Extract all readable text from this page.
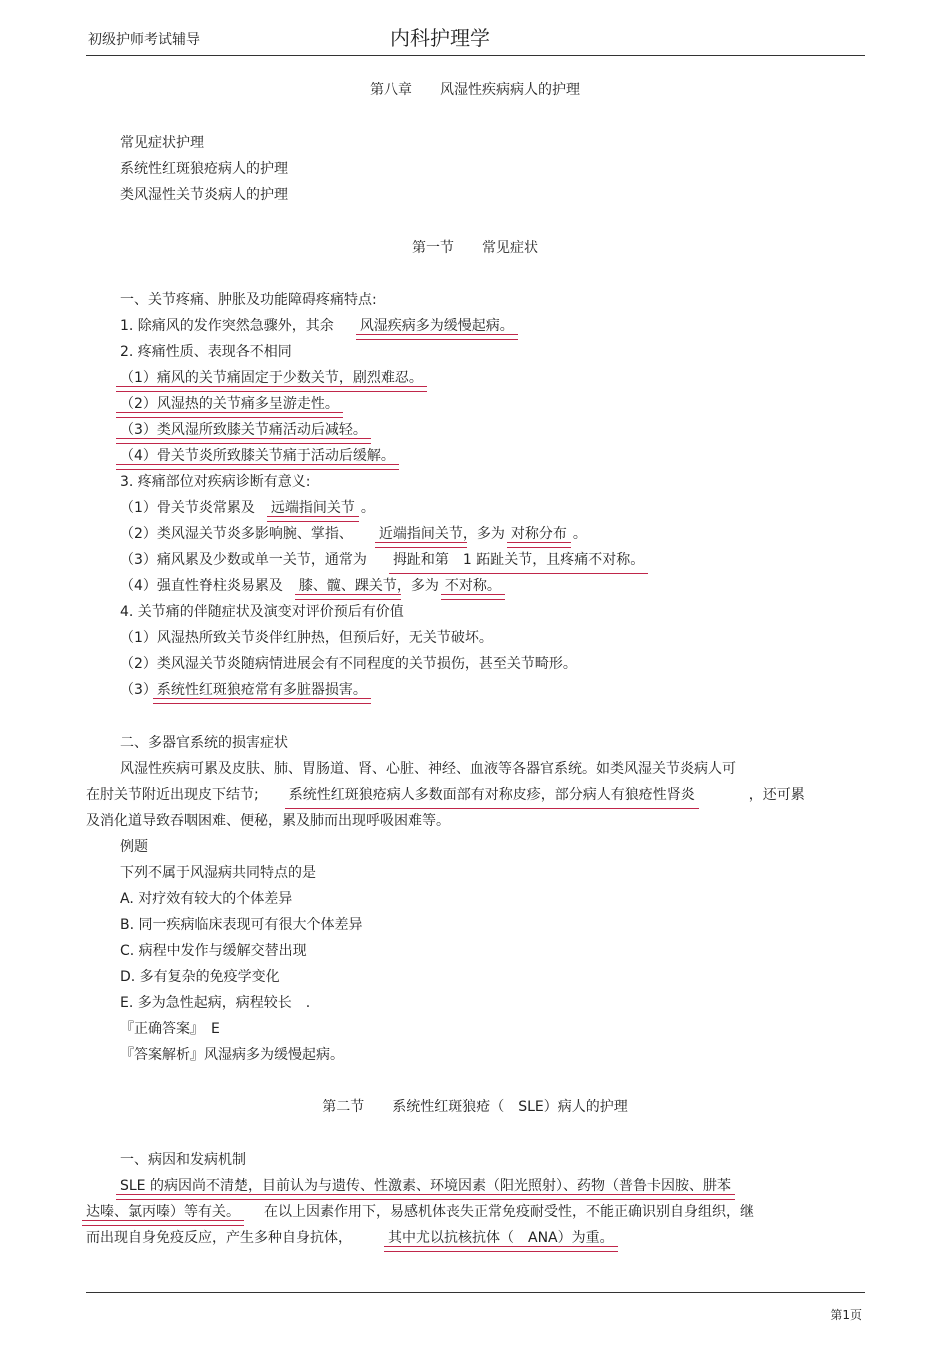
初级护师考试辅导	内科护理学
第八章　　风湿性疾病病人的护理
常见症状护理
系统性红斑狼疮病人的护理
类风湿性关节炎病人的护理
第一节　　常见症状
一、关节疼痛、肿胀及功能障碍疼痛特点:
1. 除痛风的发作突然急骤外，其余 风湿疾病多为缓慢起病。
2. 疼痛性质、表现各不相同
（1）痛风的关节痛固定于少数关节，剧烈难忍。
（2）风湿热的关节痛多呈游走性。
（3）类风湿所致膝关节痛活动后减轻。
（4）骨关节炎所致膝关节痛于活动后缓解。
3. 疼痛部位对疾病诊断有意义:
（1）骨关节炎常累及 远端指间关节 。
（2）类风湿关节炎多影响腕、掌指、 近端指间关节，多为 对称分布 。
（3）痛风累及少数或单一关节，通常为 拇趾和第　1 跖趾关节，且疼痛不对称。
（4）强直性脊柱炎易累及 膝、髋、踝关节，多为 不对称。
4. 关节痛的伴随症状及演变对评价预后有价值
（1）风湿热所致关节炎伴红肿热，但预后好，无关节破坏。
（2）类风湿关节炎随病情进展会有不同程度的关节损伤，甚至关节畸形。
（3）系统性红斑狼疮常有多脏器损害。
二、多器官系统的损害症状
风湿性疾病可累及皮肤、肺、胃肠道、肾、心脏、神经、血液等各器官系统。如类风湿关节炎病人可
在肘关节附近出现皮下结节; 系统性红斑狼疮病人多数面部有对称皮疹，部分病人有狼疮性肾炎	，还可累
及消化道导致吞咽困难、便秘，累及肺而出现呼吸困难等。
例题
下列不属于风湿病共同特点的是
A. 对疗效有较大的个体差异
B. 同一疾病临床表现可有很大个体差异
C. 病程中发作与缓解交替出现
D. 多有复杂的免疫学变化
E. 多为急性起病，病程较长　.
『正确答案』　E
『答案解析』风湿病多为缓慢起病。
第二节　　系统性红斑狼疮（　SLE）病人的护理
一、病因和发病机制
SLE 的病因尚不清楚，目前认为与遗传、性激素、环境因素（阳光照射）、药物（普鲁卡因胺、肼苯
达嗪、氯丙嗪）等有关。 在以上因素作用下，易感机体丧失正常免疫耐受性，不能正确识别自身组织，继
而出现自身免疫反应，产生多种自身抗体，	其中尤以抗核抗体（　ANA）为重。
第1页
